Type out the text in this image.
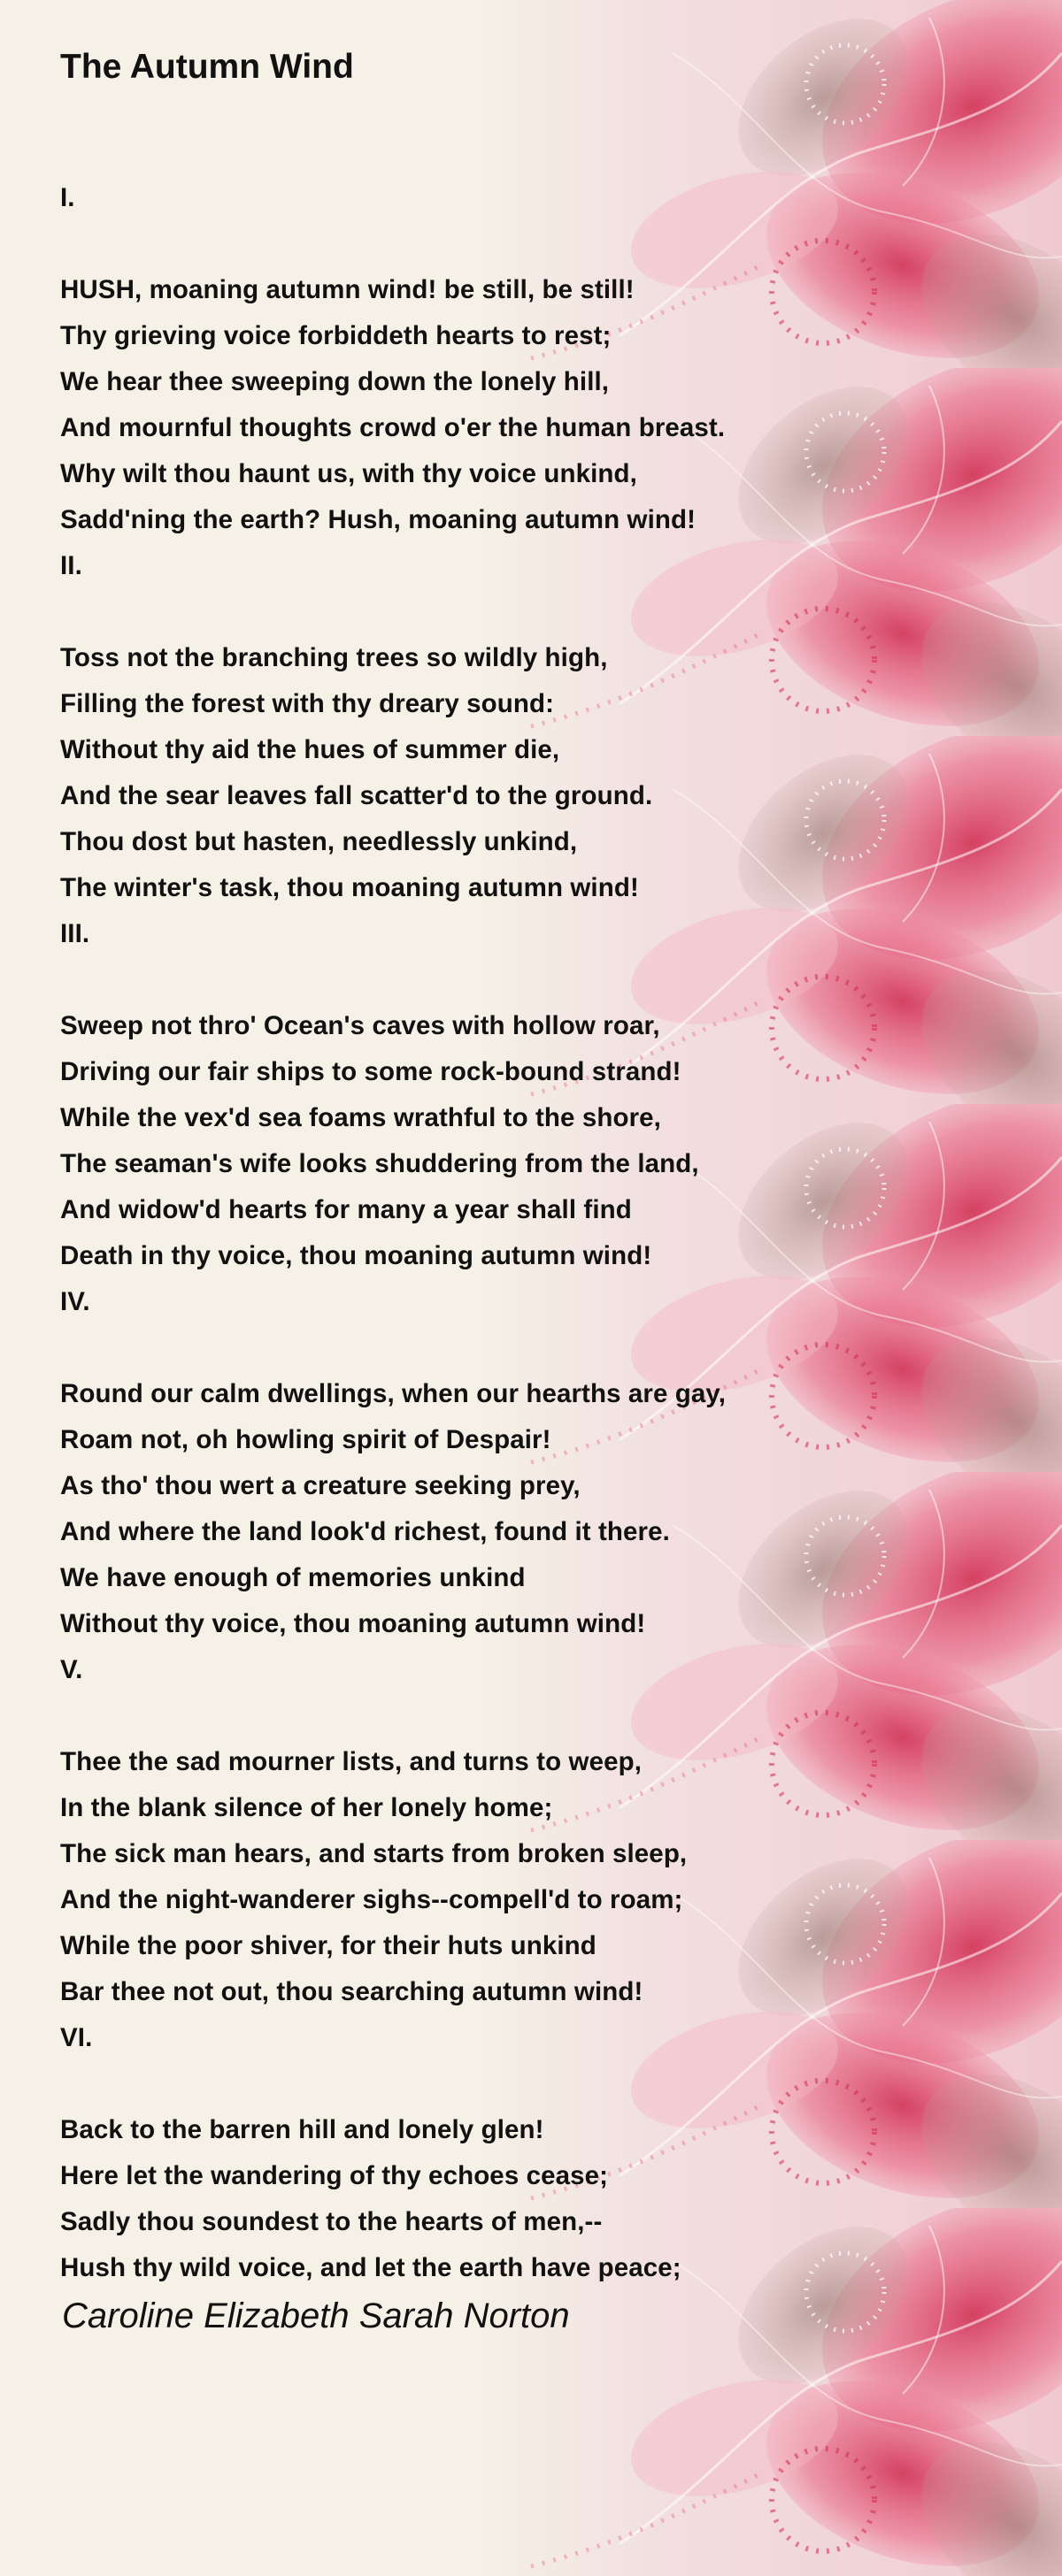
The Autumn Wind
I.
HUSH, moaning autumn wind! be still, be still!
Thy grieving voice forbiddeth hearts to rest;
We hear thee sweeping down the lonely hill,
And mournful thoughts crowd o'er the human breast.
Why wilt thou haunt us, with thy voice unkind,
Sadd'ning the earth? Hush, moaning autumn wind!
II.
Toss not the branching trees so wildly high,
Filling the forest with thy dreary sound:
Without thy aid the hues of summer die,
And the sear leaves fall scatter'd to the ground.
Thou dost but hasten, needlessly unkind,
The winter's task, thou moaning autumn wind!
III.
Sweep not thro' Ocean's caves with hollow roar,
Driving our fair ships to some rock-bound strand!
While the vex'd sea foams wrathful to the shore,
The seaman's wife looks shuddering from the land,
And widow'd hearts for many a year shall find
Death in thy voice, thou moaning autumn wind!
IV.
Round our calm dwellings, when our hearths are gay,
Roam not, oh howling spirit of Despair!
As tho' thou wert a creature seeking prey,
And where the land look'd richest, found it there.
We have enough of memories unkind
Without thy voice, thou moaning autumn wind!
V.
Thee the sad mourner lists, and turns to weep,
In the blank silence of her lonely home;
The sick man hears, and starts from broken sleep,
And the night-wanderer sighs--compell'd to roam;
While the poor shiver, for their huts unkind
Bar thee not out, thou searching autumn wind!
VI.
Back to the barren hill and lonely glen!
Here let the wandering of thy echoes cease;
Sadly thou soundest to the hearts of men,--
Hush thy wild voice, and let the earth have peace;
Caroline Elizabeth Sarah Norton
